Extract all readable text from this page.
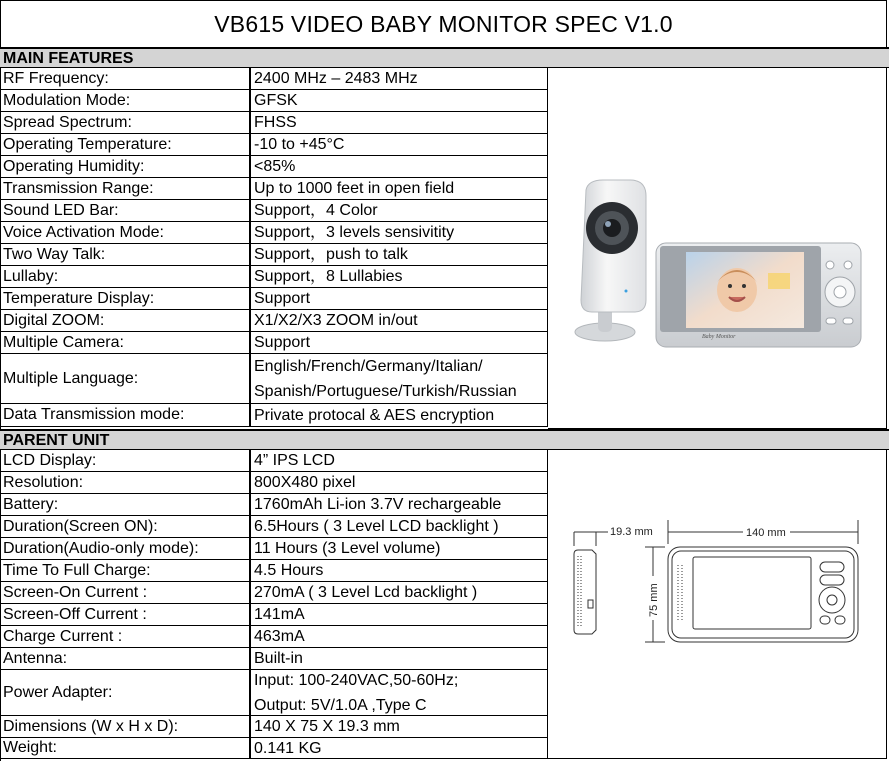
VB615 VIDEO BABY MONITOR SPEC V1.0
MAIN FEATURES
RF Frequency:	2400 MHz – 2483 MHz
Modulation Mode:	GFSK
Spread Spectrum:	FHSS
Operating Temperature:	-10 to +45°C
Operating Humidity:	<85%
Transmission Range:	Up to 1000 feet in open field
Sound LED Bar:	Support，4 Color
Voice Activation Mode:	Support，3 levels sensivitity
Two Way Talk:	Support，push to talk
Lullaby:	Support，8 Lullabies
Temperature Display:	Support
Digital ZOOM:	X1/X2/X3 ZOOM in/out
Multiple Camera:	Support
Multiple Language:
English/French/Germany/Italian/
Spanish/Portuguese/Turkish/Russian
Data Transmission mode:	Private protocal & AES encryption
Baby Monitor
PARENT UNIT
LCD Display:	4” IPS LCD
Resolution:	800X480 pixel
Battery:	1760mAh Li-ion 3.7V rechargeable
Duration(Screen ON):	6.5Hours ( 3 Level LCD backlight )
Duration(Audio-only mode):	11 Hours (3 Level volume)
Time To Full Charge:	4.5 Hours
Screen-On Current :	270mA ( 3 Level Lcd backlight )
Screen-Off Current :	141mA
Charge Current :	463mA
Antenna:	Built-in
Power Adapter:
Input: 100-240VAC,50-60Hz;
Output: 5V/1.0A ,Type C
Dimensions (W x H x D):	140 X 75 X 19.3 mm
Weight:	0.141 KG
19.3 mm	140 mm
75 mm
